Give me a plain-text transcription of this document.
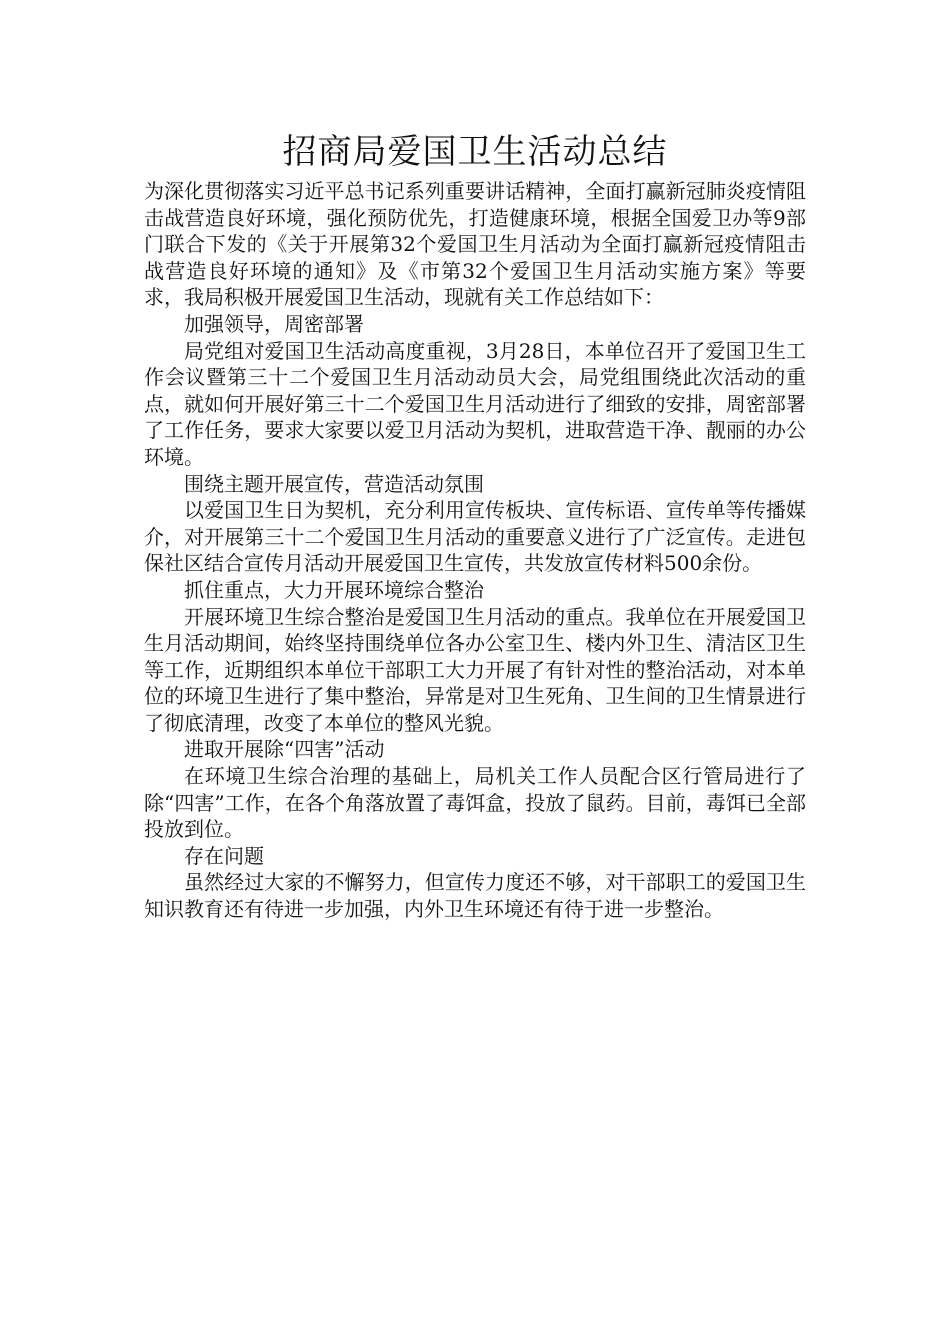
招商局爱国卫生活动总结

为深化贯彻落实习近平总书记系列重要讲话精神，全面打赢新冠肺炎疫情阻击战营造良好环境，强化预防优先，打造健康环境，根据全国爱卫办等9部门联合下发的《关于开展第32个爱国卫生月活动为全面打赢新冠疫情阻击战营造良好环境的通知》及《市第32个爱国卫生月活动实施方案》等要求，我局积极开展爱国卫生活动，现就有关工作总结如下：

加强领导，周密部署

局党组对爱国卫生活动高度重视，3月28日，本单位召开了爱国卫生工作会议暨第三十二个爱国卫生月活动动员大会，局党组围绕此次活动的重点，就如何开展好第三十二个爱国卫生月活动进行了细致的安排，周密部署了工作任务，要求大家要以爱卫月活动为契机，进取营造干净、靓丽的办公环境。

围绕主题开展宣传，营造活动氛围

以爱国卫生日为契机，充分利用宣传板块、宣传标语、宣传单等传播媒介，对开展第三十二个爱国卫生月活动的重要意义进行了广泛宣传。走进包保社区结合宣传月活动开展爱国卫生宣传，共发放宣传材料500余份。

抓住重点，大力开展环境综合整治

开展环境卫生综合整治是爱国卫生月活动的重点。我单位在开展爱国卫生月活动期间，始终坚持围绕单位各办公室卫生、楼内外卫生、清洁区卫生等工作，近期组织本单位干部职工大力开展了有针对性的整治活动，对本单位的环境卫生进行了集中整治，异常是对卫生死角、卫生间的卫生情景进行了彻底清理，改变了本单位的整风光貌。

进取开展除“四害”活动

在环境卫生综合治理的基础上，局机关工作人员配合区行管局进行了除“四害”工作，在各个角落放置了毒饵盒，投放了鼠药。目前，毒饵已全部投放到位。

存在问题

虽然经过大家的不懈努力，但宣传力度还不够，对干部职工的爱国卫生知识教育还有待进一步加强，内外卫生环境还有待于进一步整治。
